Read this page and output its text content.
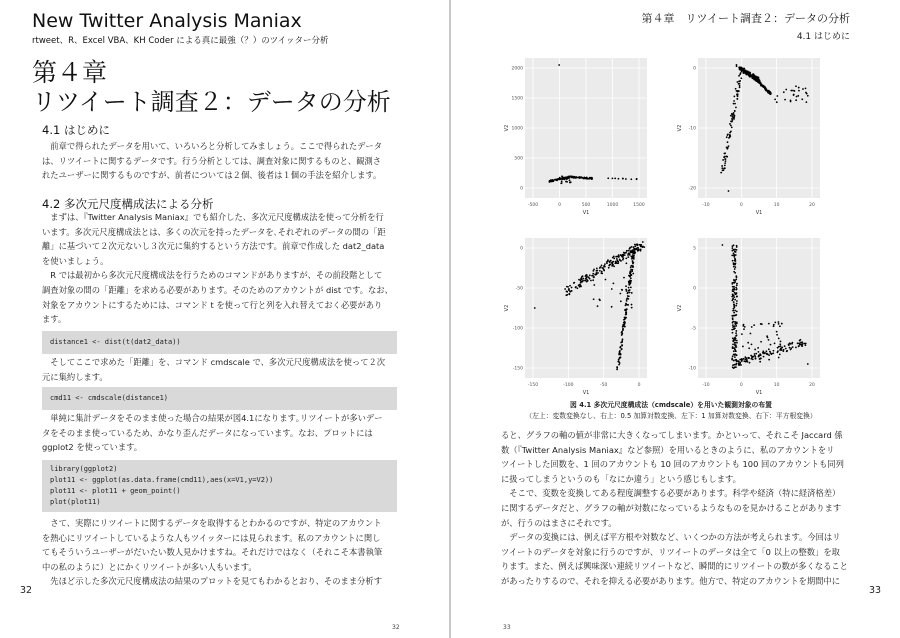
New Twitter Analysis Maniax
rtweet、R、Excel VBA、KH Coder による真に最強（？）のツイッター分析
第４章
リツイート調査２：データの分析
4.1 はじめに

前章で得られたデータを用いて、いろいろと分析してみましょう。ここで得られたデータ

は、リツイートに関するデータです。行う分析としては、調査対象に関するものと、観測さ
れたユーザーに関するものですが、前者については２個、後者は１個の手法を紹介します。
4.2 多次元尺度構成法による分析

まずは、『Twitter Analysis Maniax』でも紹介した、多次元尺度構成法を使って分析を行

います。多次元尺度構成法とは、多くの次元を持ったデータを､それぞれのデータの間の「距
離」に基づいて２次元ないし３次元に集約するという方法です。前章で作成した dat2_data
を使いましょう。

R では最初から多次元尺度構成法を行うためのコマンドがありますが、その前段階として

調査対象の間の「距離」を求める必要があります。そのためのアカウントが dist です。なお、
対象をアカウントにするためには、コマンド t を使って行と列を入れ替えておく必要があり
ます。
distance1 <- dist(t(dat2_data))

そしてここで求めた「距離」を、コマンド cmdscale で、多次元尺度構成法を使って２次

元に集約します。
cmd11 <- cmdscale(distance1)

単純に集計データをそのまま使った場合の結果が図4.1になります｡リツイートが多いデー

タをそのまま使っているため、かなり歪んだデータになっています。なお、プロットには
ggplot2 を使っています。
library(ggplot2)
plot11 <- ggplot(as.data.frame(cmd11),aes(x=V1,y=V2))
plot11 <- plot11 + geom_point()
plot(plot11)

さて、実際にリツイートに関するデータを取得するとわかるのですが、特定のアカウント

を熱心にリツイートしているような人もツイッターには見られます。私のアカウントに関し
てもそういうユーザーがだいたい数人見かけますね。それだけではなく（それこそ本書執筆
中の私のように）とにかくリツイートが多い人もいます。

先ほど示した多次元尺度構成法の結果のプロットを見てもわかるとおり、そのまま分析す

32
32
第４章　リツイート調査２：データの分析
4.1 はじめに
-500	0	500	1000	1500
2000
1500
1000
500
0
V1
V2
-10	0	10	20
0
-10
-20
V1
V2
-150	-100	-50	0
0
-50
-100
-150
V1
V2
-10	0	10	20
5
0
-5
-10
V1
V2
図 4.1 多次元尺度構成法（cmdscale）を用いた観測対象の布置
（左上：変数変換なし、右上：0.5 加算対数変換、左下：1 加算対数変換、右下：平方根変換）
ると、グラフの軸の値が非常に大きくなってしまいます。かといって、それこそ Jaccard 係
数（『Twitter Analysis Maniax』など参照）を用いるときのように、私のアカウントをリ
ツイートした回数を、1 回のアカウントも 10 回のアカウントも 100 回のアカウントも同列
に扱ってしまうというのも「なにか違う」という感じもします。

そこで、変数を変換してある程度調整する必要があります。科学や経済（特に経済格差）

に関するデータだと、グラフの軸が対数になっているようなものを見かけることがあります
が、行うのはまさにそれです。

データの変換には、例えば平方根や対数など、いくつかの方法が考えられます。今回はリ

ツイートのデータを対象に行うのですが、リツイートのデータは全て「0 以上の整数」を取
ります。また、例えば興味深い連続リツイートなど、瞬間的にリツイートの数が多くなること
があったりするので、それを抑える必要があります。他方で、特定のアカウントを期間中に
33
33
